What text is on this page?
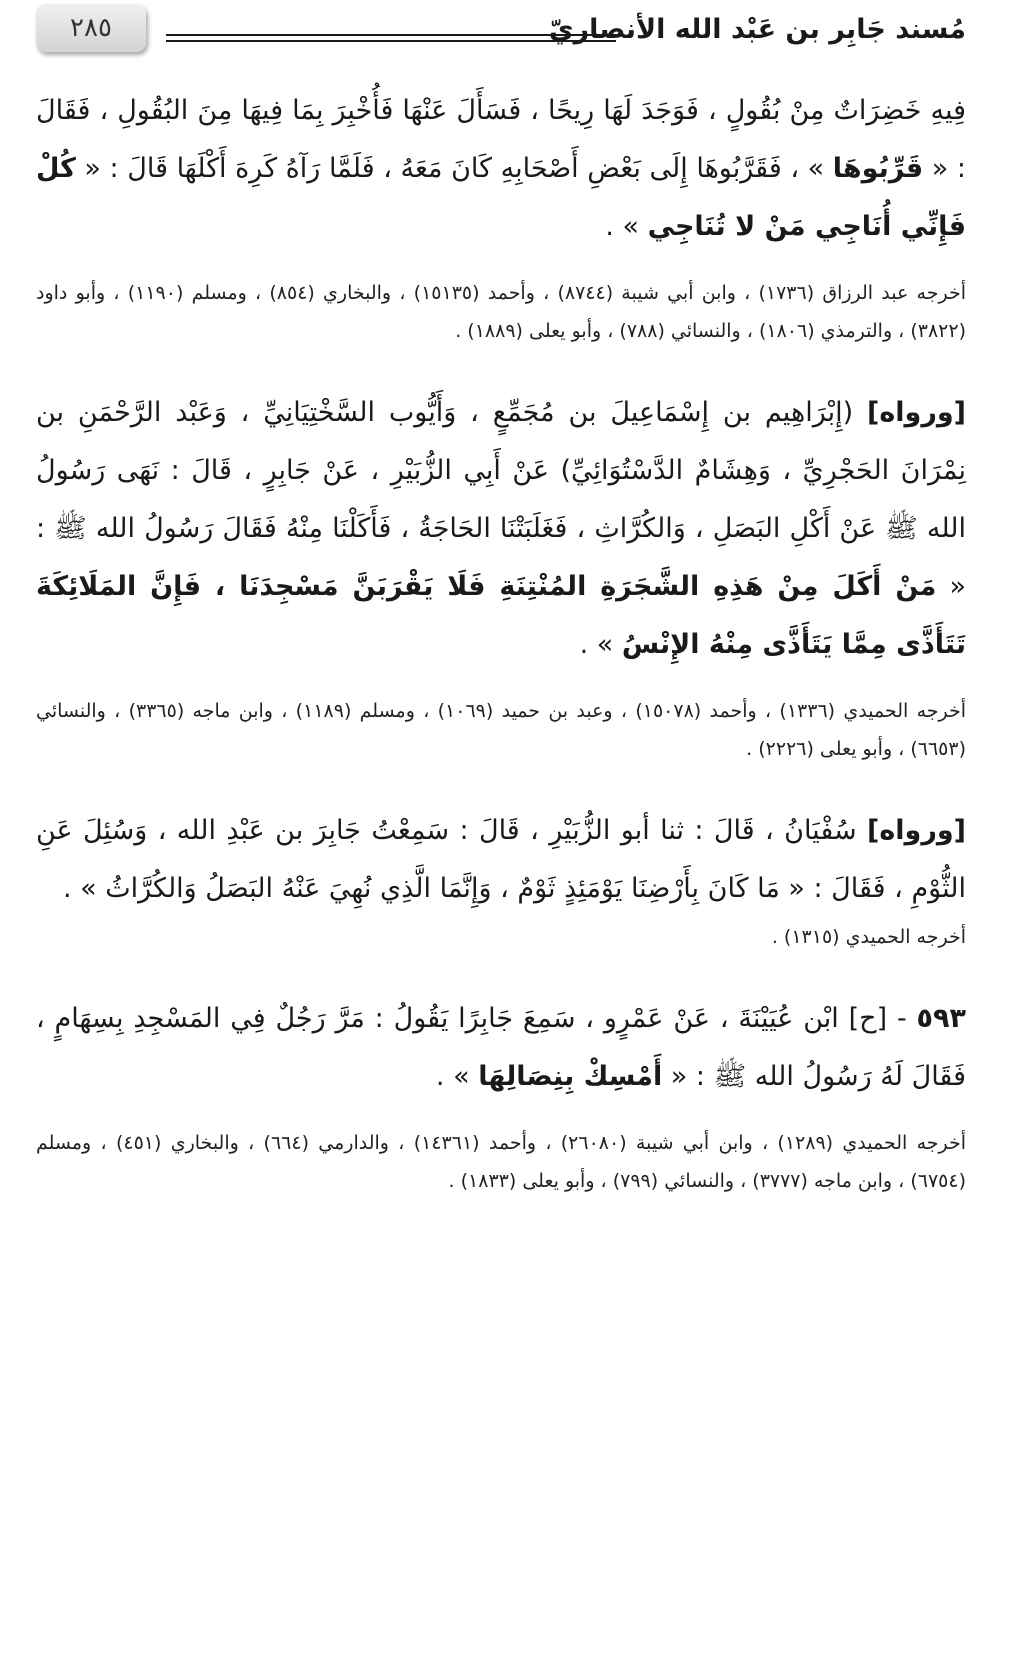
مُسند جَابِر بن عَبْد الله الأنصاريّ
٢٨٥

فِيهِ خَضِرَاتٌ مِنْ بُقُولٍ ، فَوَجَدَ لَهَا رِيحًا ، فَسَأَلَ عَنْهَا فَأُخْبِرَ بِمَا فِيهَا مِنَ البُقُولِ ، فَقَالَ : « قَرِّبُوهَا » ، فَقَرَّبُوهَا إِلَى بَعْضِ أَصْحَابِهِ كَانَ مَعَهُ ، فَلَمَّا رَآهُ كَرِهَ أَكْلَهَا قَالَ : « كُلْ فَإِنِّي أُنَاجِي مَنْ لا تُنَاجِي » .

أخرجه عبد الرزاق (١٧٣٦) ، وابن أبي شيبة (٨٧٤٤) ، وأحمد (١٥١٣٥) ، والبخاري (٨٥٤) ، ومسلم (١١٩٠) ، وأبو داود (٣٨٢٢) ، والترمذي (١٨٠٦) ، والنسائي (٧٨٨) ، وأبو يعلى (١٨٨٩) .

[ورواه] (إِبْرَاهِيم بن إِسْمَاعِيلَ بن مُجَمِّعٍ ، وَأَيُّوب السَّخْتِيَانِيِّ ، وَعَبْد الرَّحْمَنِ بن نِمْرَانَ الحَجْرِيِّ ، وَهِشَامٌ الدَّسْتُوَائِيِّ) عَنْ أَبِي الزُّبَيْرِ ، عَنْ جَابِرٍ ، قَالَ : نَهَى رَسُولُ الله ﷺ عَنْ أَكْلِ البَصَلِ ، وَالكُرَّاثِ ، فَغَلَبَتْنَا الحَاجَةُ ، فَأَكَلْنَا مِنْهُ فَقَالَ رَسُولُ الله ﷺ : « مَنْ أَكَلَ مِنْ هَذِهِ الشَّجَرَةِ المُنْتِنَةِ فَلَا يَقْرَبَنَّ مَسْجِدَنَا ، فَإِنَّ المَلَائِكَةَ تَتَأَذَّى مِمَّا يَتَأَذَّى مِنْهُ الإِنْسُ » .

أخرجه الحميدي (١٣٣٦) ، وأحمد (١٥٠٧٨) ، وعبد بن حميد (١٠٦٩) ، ومسلم (١١٨٩) ، وابن ماجه (٣٣٦٥) ، والنسائي (٦٦٥٣) ، وأبو يعلى (٢٢٢٦) .

[ورواه] سُفْيَانُ ، قَالَ : ثنا أبو الزُّبَيْرِ ، قَالَ : سَمِعْتُ جَابِرَ بن عَبْدِ الله ، وَسُئِلَ عَنِ الثُّوْمِ ، فَقَالَ : « مَا كَانَ بِأَرْضِنَا يَوْمَئِذٍ ثَوْمٌ ، وَإِنَّمَا الَّذِي نُهِيَ عَنْهُ البَصَلُ وَالكُرَّاثُ » .

أخرجه الحميدي (١٣١٥) .

٥٩٣ - [ح] ابْن عُيَيْنَةَ ، عَنْ عَمْرٍو ، سَمِعَ جَابِرًا يَقُولُ : مَرَّ رَجُلٌ فِي المَسْجِدِ بِسِهَامٍ ، فَقَالَ لَهُ رَسُولُ الله ﷺ : « أَمْسِكْ بِنِصَالِهَا » .

أخرجه الحميدي (١٢٨٩) ، وابن أبي شيبة (٢٦٠٨٠) ، وأحمد (١٤٣٦١) ، والدارمي (٦٦٤) ، والبخاري (٤٥١) ، ومسلم (٦٧٥٤) ، وابن ماجه (٣٧٧٧) ، والنسائي (٧٩٩) ، وأبو يعلى (١٨٣٣) .
